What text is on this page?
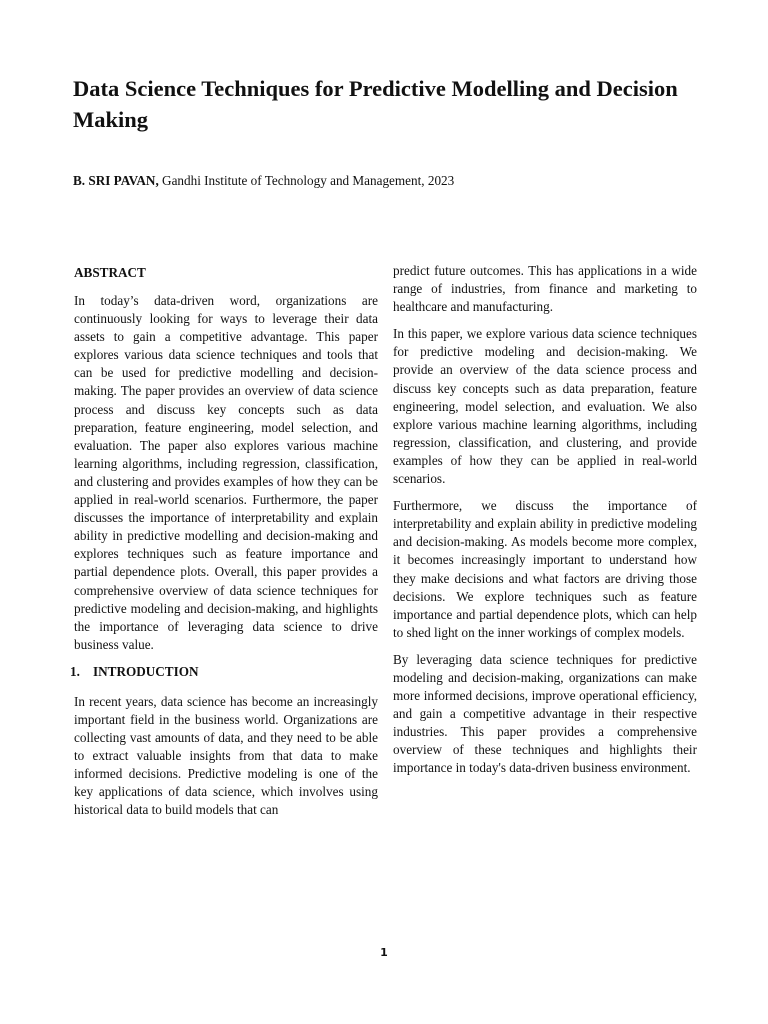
Data Science Techniques for Predictive Modelling and Decision Making

B. SRI PAVAN, Gandhi Institute of Technology and Management, 2023

ABSTRACT

In today’s data-driven word, organizations are continuously looking for ways to leverage their data assets to gain a competitive advantage. This paper explores various data science techniques and tools that can be used for predictive modelling and decision-making. The paper provides an overview of data science process and discuss key concepts such as data preparation, feature engineering, model selection, and evaluation. The paper also explores various machine learning algorithms, including regression, classification, and clustering and provides examples of how they can be applied in real-world scenarios. Furthermore, the paper discusses the importance of interpretability and explain ability in predictive modelling and decision-making and explores techniques such as feature importance and partial dependence plots. Overall, this paper provides a comprehensive overview of data science techniques for predictive modeling and decision-making, and highlights the importance of leveraging data science to drive business value.

1. INTRODUCTION

In recent years, data science has become an increasingly important field in the business world. Organizations are collecting vast amounts of data, and they need to be able to extract valuable insights from that data to make informed decisions. Predictive modeling is one of the key applications of data science, which involves using historical data to build models that can

predict future outcomes. This has applications in a wide range of industries, from finance and marketing to healthcare and manufacturing.

In this paper, we explore various data science techniques for predictive modeling and decision-making. We provide an overview of the data science process and discuss key concepts such as data preparation, feature engineering, model selection, and evaluation. We also explore various machine learning algorithms, including regression, classification, and clustering, and provide examples of how they can be applied in real-world scenarios.

Furthermore, we discuss the importance of interpretability and explain ability in predictive modeling and decision-making. As models become more complex, it becomes increasingly important to understand how they make decisions and what factors are driving those decisions. We explore techniques such as feature importance and partial dependence plots, which can help to shed light on the inner workings of complex models.

By leveraging data science techniques for predictive modeling and decision-making, organizations can make more informed decisions, improve operational efficiency, and gain a competitive advantage in their respective industries. This paper provides a comprehensive overview of these techniques and highlights their importance in today's data-driven business environment.

1
